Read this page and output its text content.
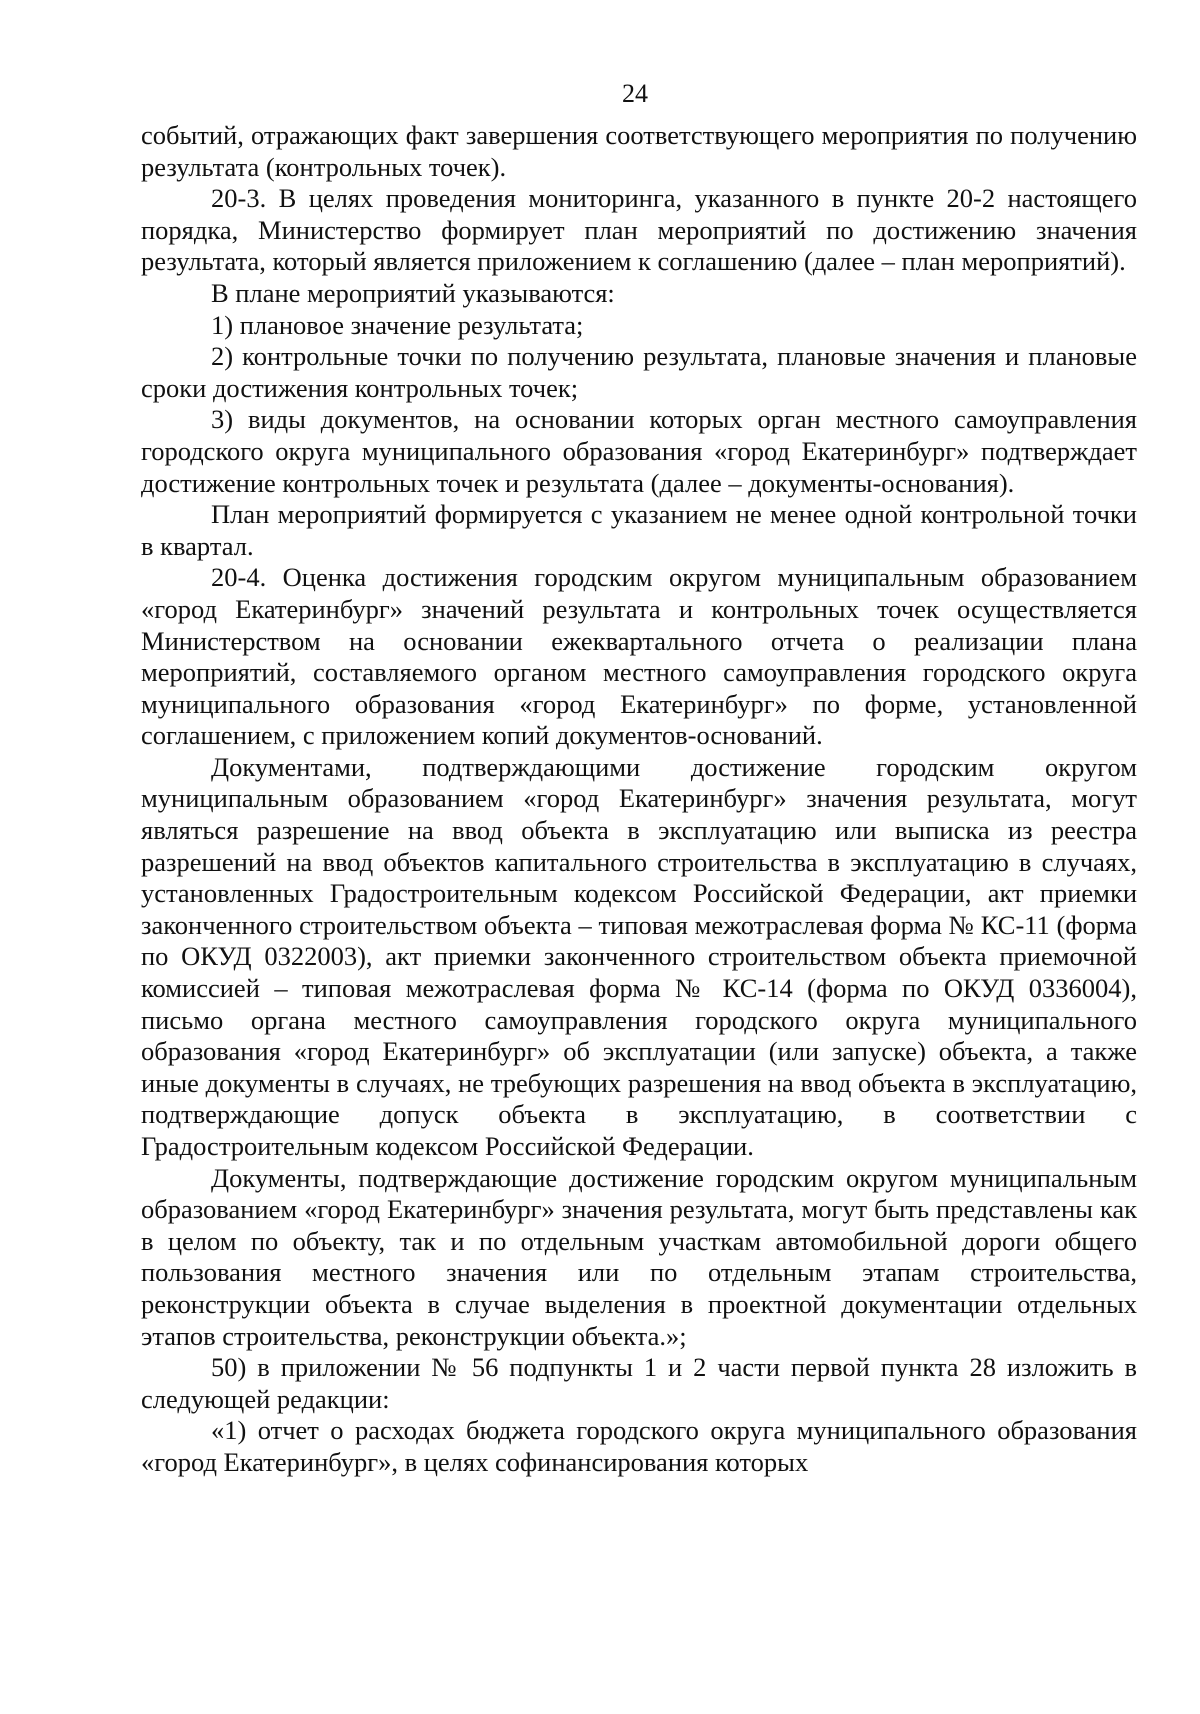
24

событий, отражающих факт завершения соответствующего мероприятия по получению результата (контрольных точек).

20-3. В целях проведения мониторинга, указанного в пункте 20-2 настоящего порядка, Министерство формирует план мероприятий по достижению значения результата, который является приложением к соглашению (далее – план мероприятий).

В плане мероприятий указываются:

1) плановое значение результата;

2) контрольные точки по получению результата, плановые значения и плановые сроки достижения контрольных точек;

3) виды документов, на основании которых орган местного самоуправления городского округа муниципального образования «город Екатеринбург» подтверждает достижение контрольных точек и результата (далее – документы-основания).

План мероприятий формируется с указанием не менее одной контрольной точки в квартал.

20-4. Оценка достижения городским округом муниципальным образованием «город Екатеринбург» значений результата и контрольных точек осуществляется Министерством на основании ежеквартального отчета о реализации плана мероприятий, составляемого органом местного самоуправления городского округа муниципального образования «город Екатеринбург» по форме, установленной соглашением, с приложением копий документов-оснований.

Документами, подтверждающими достижение городским округом муниципальным образованием «город Екатеринбург» значения результата, могут являться разрешение на ввод объекта в эксплуатацию или выписка из реестра разрешений на ввод объектов капитального строительства в эксплуатацию в случаях, установленных Градостроительным кодексом Российской Федерации, акт приемки законченного строительством объекта – типовая межотраслевая форма № КС-11 (форма по ОКУД 0322003), акт приемки законченного строительством объекта приемочной комиссией – типовая межотраслевая форма № КС-14 (форма по ОКУД 0336004), письмо органа местного самоуправления городского округа муниципального образования «город Екатеринбург» об эксплуатации (или запуске) объекта, а также иные документы в случаях, не требующих разрешения на ввод объекта в эксплуатацию, подтверждающие допуск объекта в эксплуатацию, в соответствии с Градостроительным кодексом Российской Федерации.

Документы, подтверждающие достижение городским округом муниципальным образованием «город Екатеринбург» значения результата, могут быть представлены как в целом по объекту, так и по отдельным участкам автомобильной дороги общего пользования местного значения или по отдельным этапам строительства, реконструкции объекта в случае выделения в проектной документации отдельных этапов строительства, реконструкции объекта.»;

50) в приложении № 56 подпункты 1 и 2 части первой пункта 28 изложить в следующей редакции:

«1) отчет о расходах бюджета городского округа муниципального образования «город Екатеринбург», в целях софинансирования которых
